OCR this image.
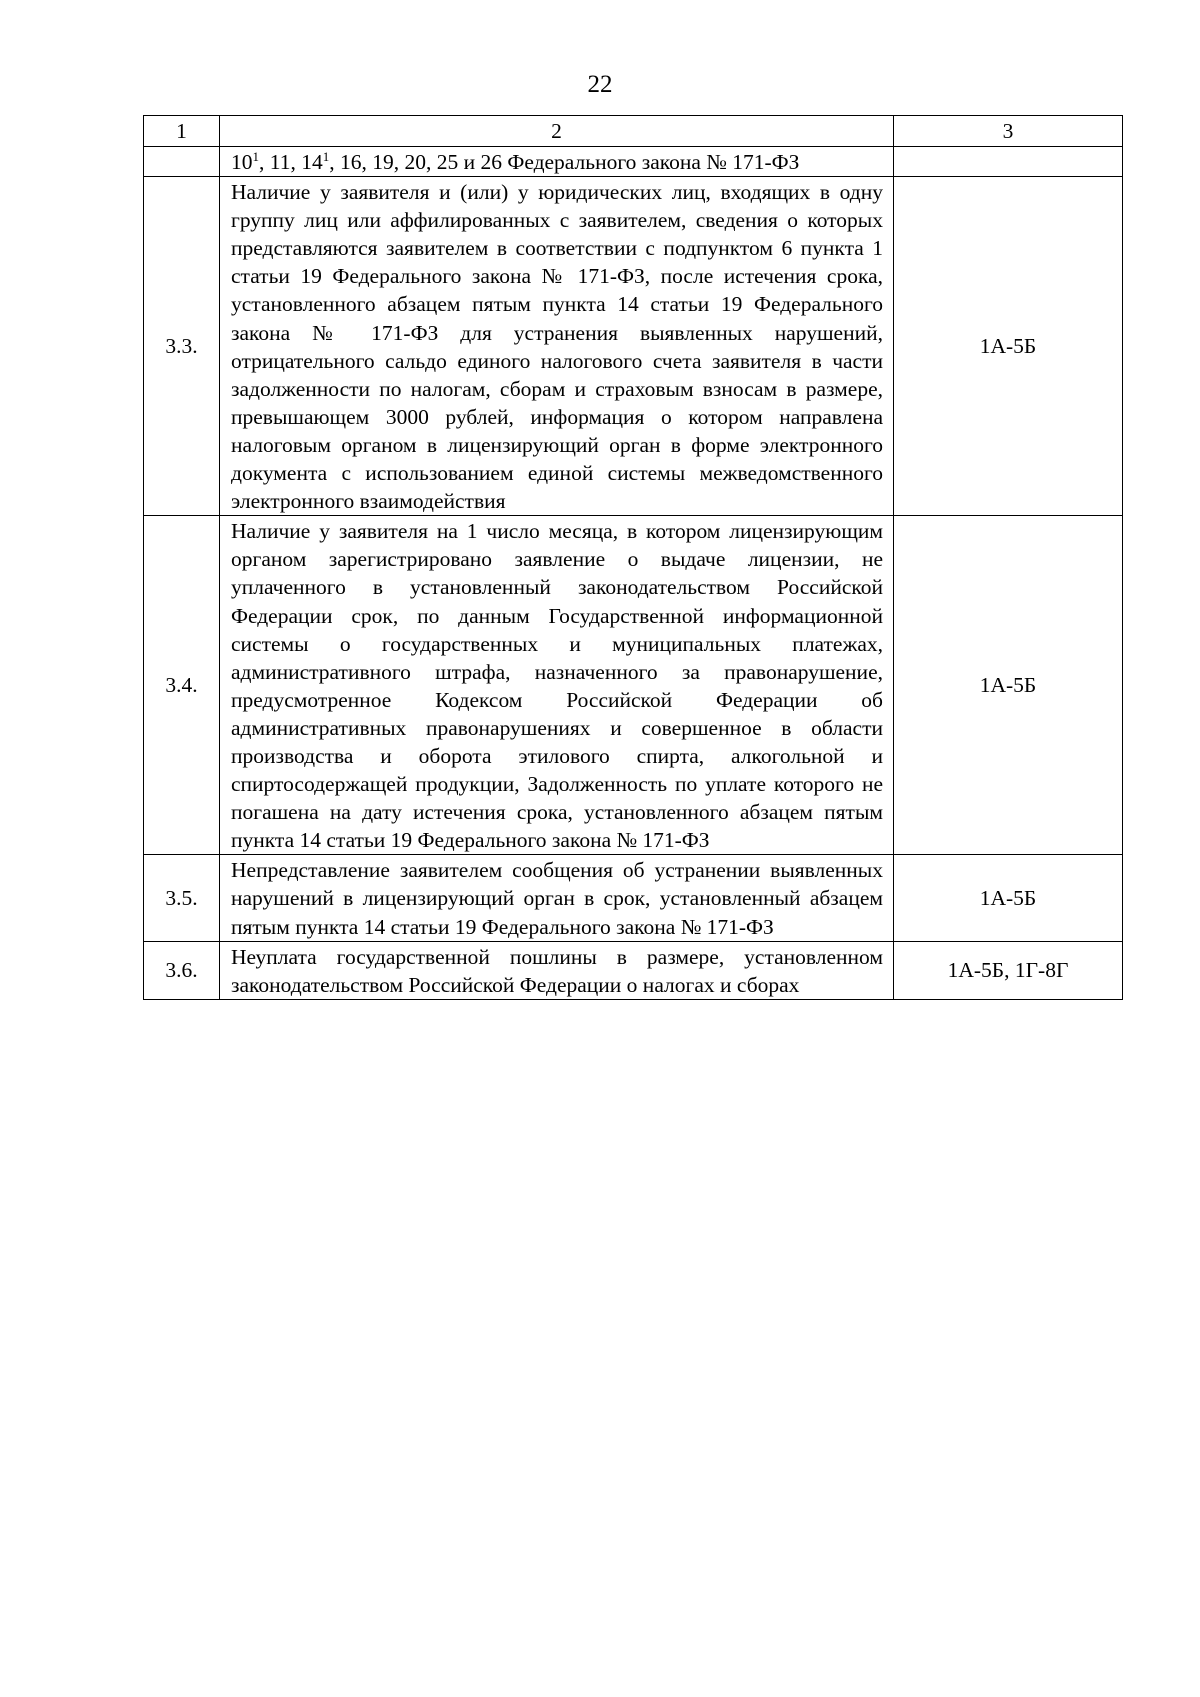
22
1	2	3
	$10^1$, 11, $14^1$, 16, 19, 20, 25 и 26 Федерального закона № 171-ФЗ	
3.3.	Наличие у заявителя и (или) у юридических лиц, входящих в одну группу лиц или аффилированных с заявителем, сведения о которых представляются заявителем в соответствии с подпунктом 6 пункта 1 статьи 19 Федерального закона № 171-ФЗ, после истечения срока, установленного абзацем пятым пункта 14 статьи 19 Федерального закона № 171-ФЗ для устранения выявленных нарушений, отрицательного сальдо единого налогового счета заявителя в части задолженности по налогам, сборам и страховым взносам в размере, превышающем 3000 рублей, информация о котором направлена налоговым органом в лицензирующий орган в форме электронного документа с использованием единой системы межведомственного электронного взаимодействия	1А-5Б
3.4.	Наличие у заявителя на 1 число месяца, в котором лицензирующим органом зарегистрировано заявление о выдаче лицензии, не уплаченного в установленный законодательством Российской Федерации срок, по данным Государственной информационной системы о государственных и муниципальных платежах, административного штрафа, назначенного за правонарушение, предусмотренное Кодексом Российской Федерации об административных правонарушениях и совершенное в области производства и оборота этилового спирта, алкогольной и спиртосодержащей продукции, Задолженность по уплате которого не погашена на дату истечения срока, установленного абзацем пятым пункта 14 статьи 19 Федерального закона № 171-ФЗ	1А-5Б
3.5.	Непредставление заявителем сообщения об устранении выявленных нарушений в лицензирующий орган в срок, установленный абзацем пятым пункта 14 статьи 19 Федерального закона № 171-ФЗ	1А-5Б
3.6.	Неуплата государственной пошлины в размере, установленном законодательством Российской Федерации о налогах и сборах	1А-5Б, 1Г-8Г
